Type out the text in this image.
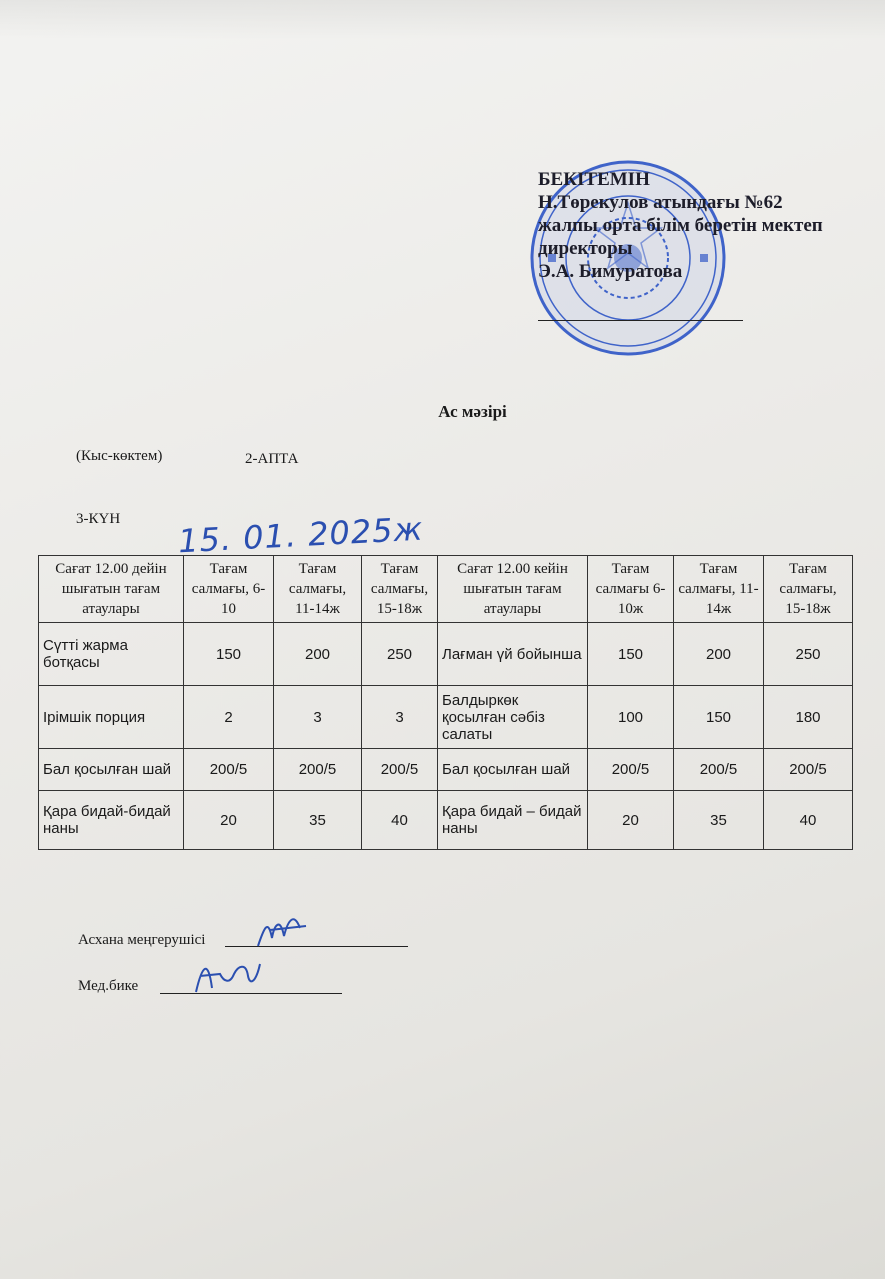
БЕКІТЕМІН
Н.Төрекулов атындағы №62
жалпы орта білім беретін мектеп
директоры
Э.А. Бимуратова
Ас мәзірі
(Кыс-көктем)	2-АПТА
3-КҮН 15. 01. 2025ж
Сағат 12.00 дейін шығатын тағам атаулары	Тағам салмағы, 6-10	Тағам салмағы, 11-14ж	Тағам салмағы, 15-18ж	Сағат 12.00 кейін шығатын тағам атаулары	Тағам салмағы 6-10ж	Тағам салмағы, 11-14ж	Тағам салмағы, 15-18ж
Сүтті жарма ботқасы	150	200	250	Лағман үй бойынша	150	200	250
Ірімшік порция	2	3	3	Балдыркөк қосылған сәбіз салаты	100	150	180
Бал қосылған шай	200/5	200/5	200/5	Бал қосылған шай	200/5	200/5	200/5
Қара бидай-бидай наны	20	35	40	Қара бидай – бидай наны	20	35	40
Асхана меңгерушісі
Мед.бике
